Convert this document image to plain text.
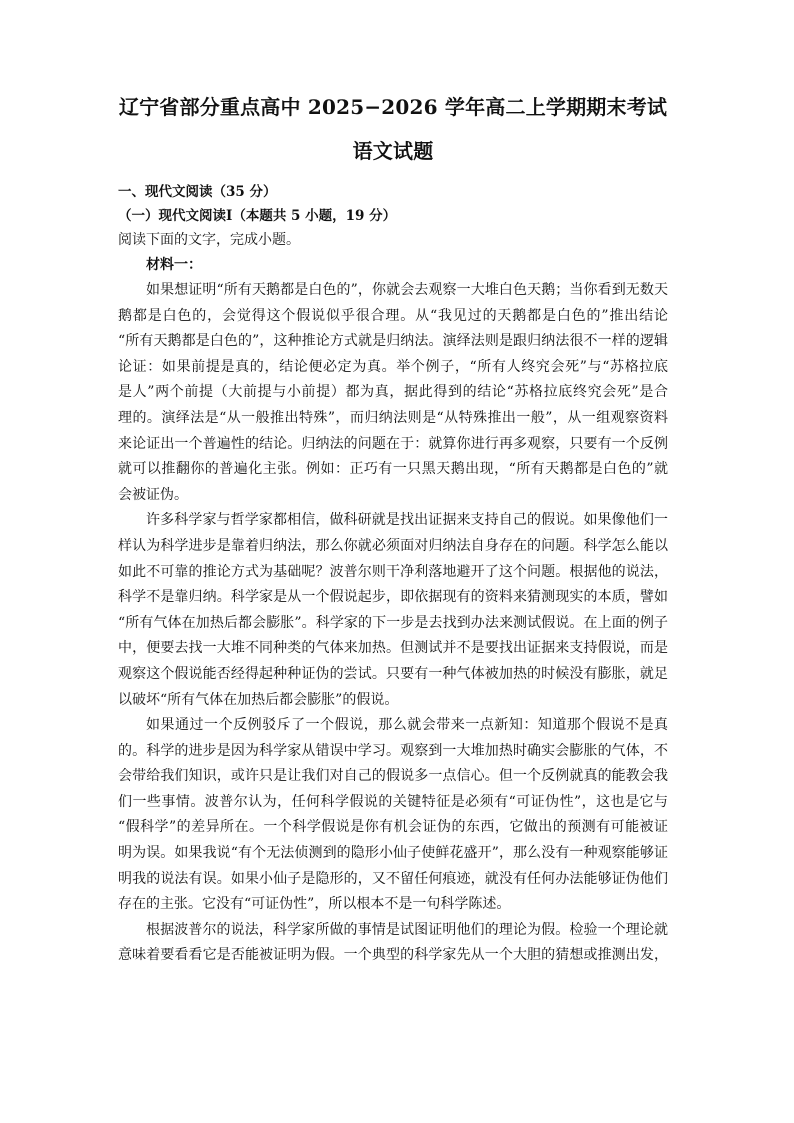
辽宁省部分重点高中 2025−2026 学年高二上学期期末考试
语文试题

一、现代文阅读（35 分）

（一）现代文阅读Ⅰ（本题共 5 小题，19 分）

阅读下面的文字，完成小题。

材料一：

如果想证明“所有天鹅都是白色的”，你就会去观察一大堆白色天鹅；当你看到无数天
鹅都是白色的，会觉得这个假说似乎很合理。从“我见过的天鹅都是白色的”推出结论
“所有天鹅都是白色的”，这种推论方式就是归纳法。演绎法则是跟归纳法很不一样的逻辑
论证：如果前提是真的，结论便必定为真。举个例子，“所有人终究会死”与“苏格拉底
是人”两个前提（大前提与小前提）都为真，据此得到的结论“苏格拉底终究会死”是合
理的。演绎法是“从一般推出特殊”，而归纳法则是“从特殊推出一般”，从一组观察资料
来论证出一个普遍性的结论。归纳法的问题在于：就算你进行再多观察，只要有一个反例
就可以推翻你的普遍化主张。例如：正巧有一只黑天鹅出现，“所有天鹅都是白色的”就
会被证伪。
许多科学家与哲学家都相信，做科研就是找出证据来支持自己的假说。如果像他们一
样认为科学进步是靠着归纳法，那么你就必须面对归纳法自身存在的问题。科学怎么能以
如此不可靠的推论方式为基础呢？波普尔则干净利落地避开了这个问题。根据他的说法，
科学不是靠归纳。科学家是从一个假说起步，即依据现有的资料来猜测现实的本质，譬如
“所有气体在加热后都会膨胀”。科学家的下一步是去找到办法来测试假说。在上面的例子
中，便要去找一大堆不同种类的气体来加热。但测试并不是要找出证据来支持假说，而是
观察这个假说能否经得起种种证伪的尝试。只要有一种气体被加热的时候没有膨胀，就足
以破坏“所有气体在加热后都会膨胀”的假说。
如果通过一个反例驳斥了一个假说，那么就会带来一点新知：知道那个假说不是真
的。科学的进步是因为科学家从错误中学习。观察到一大堆加热时确实会膨胀的气体，不
会带给我们知识，或许只是让我们对自己的假说多一点信心。但一个反例就真的能教会我
们一些事情。波普尔认为，任何科学假说的关键特征是必须有“可证伪性”，这也是它与
“假科学”的差异所在。一个科学假说是你有机会证伪的东西，它做出的预测有可能被证
明为误。如果我说“有个无法侦测到的隐形小仙子使鲜花盛开”，那么没有一种观察能够证
明我的说法有误。如果小仙子是隐形的，又不留任何痕迹，就没有任何办法能够证伪他们
存在的主张。它没有“可证伪性”，所以根本不是一句科学陈述。
根据波普尔的说法，科学家所做的事情是试图证明他们的理论为假。检验一个理论就
意味着要看看它是否能被证明为假。一个典型的科学家先从一个大胆的猜想或推测出发，
